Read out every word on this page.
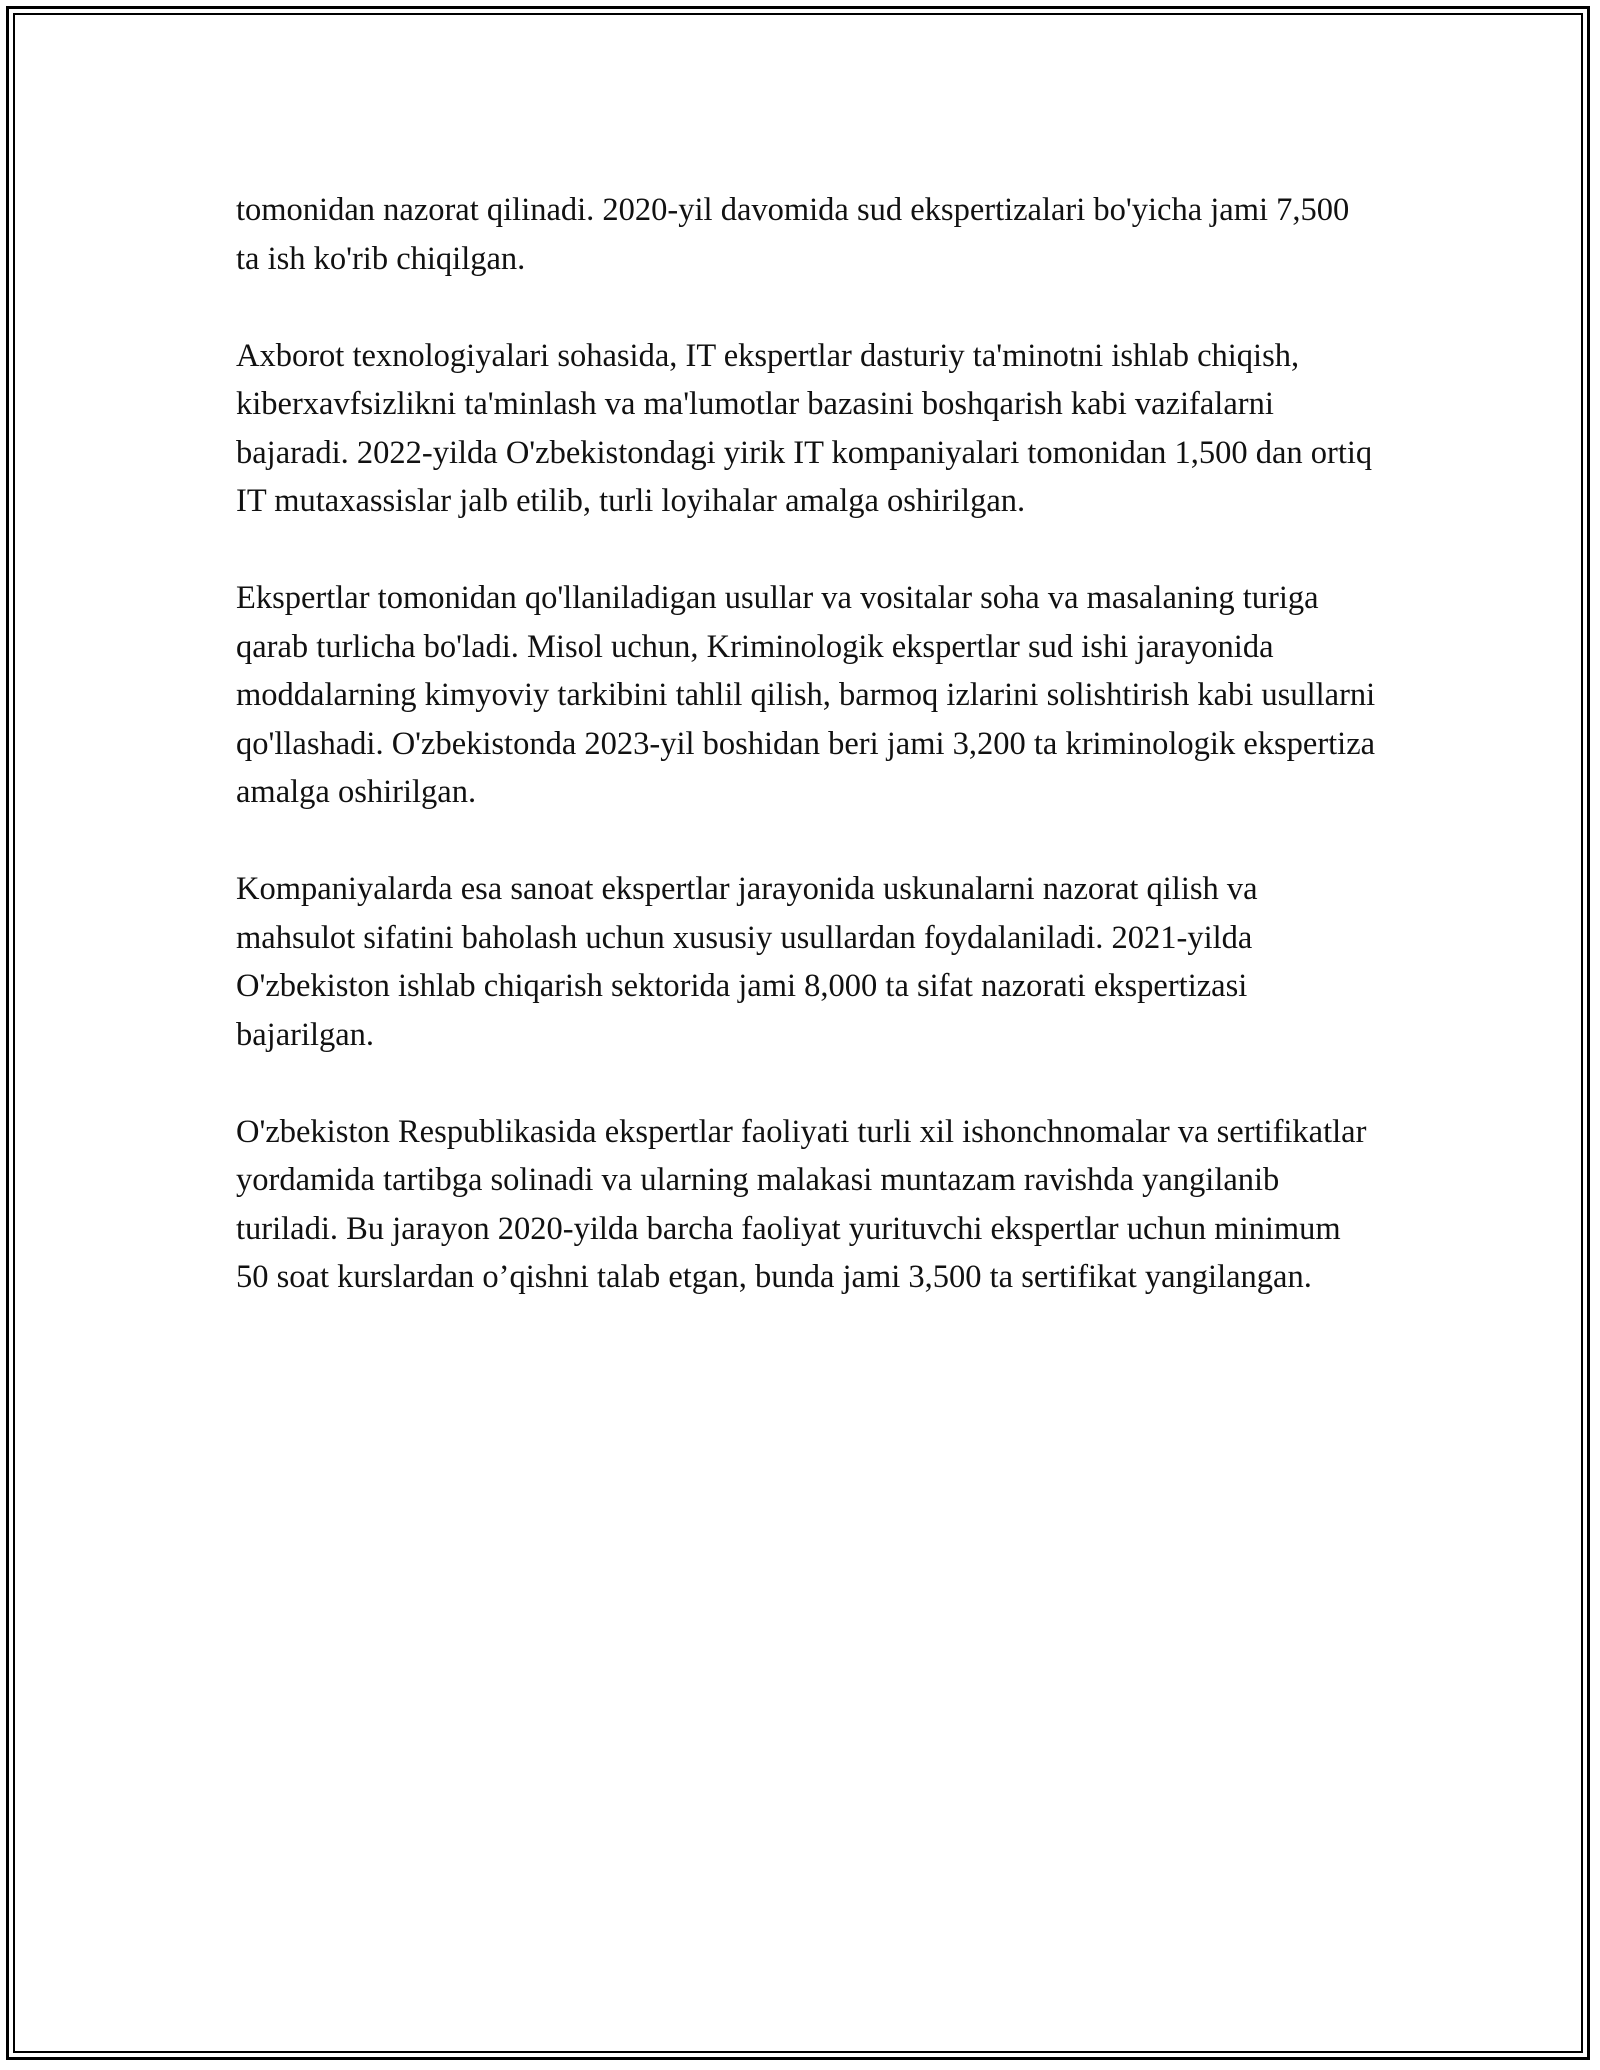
tomonidan nazorat qilinadi. 2020-yil davomida sud ekspertizalari bo'yicha jami 7,500 ta ish ko'rib chiqilgan.

Axborot texnologiyalari sohasida, IT ekspertlar dasturiy ta'minotni ishlab chiqish, kiberxavfsizlikni ta'minlash va ma'lumotlar bazasini boshqarish kabi vazifalarni bajaradi. 2022-yilda O'zbekistondagi yirik IT kompaniyalari tomonidan 1,500 dan ortiq IT mutaxassislar jalb etilib, turli loyihalar amalga oshirilgan.

Ekspertlar tomonidan qo'llaniladigan usullar va vositalar soha va masalaning turiga qarab turlicha bo'ladi. Misol uchun, Kriminologik ekspertlar sud ishi jarayonida moddalarning kimyoviy tarkibini tahlil qilish, barmoq izlarini solishtirish kabi usullarni qo'llashadi. O'zbekistonda 2023-yil boshidan beri jami 3,200 ta kriminologik ekspertiza amalga oshirilgan.

Kompaniyalarda esa sanoat ekspertlar jarayonida uskunalarni nazorat qilish va mahsulot sifatini baholash uchun xususiy usullardan foydalaniladi. 2021-yilda O'zbekiston ishlab chiqarish sektorida jami 8,000 ta sifat nazorati ekspertizasi bajarilgan.

O'zbekiston Respublikasida ekspertlar faoliyati turli xil ishonchnomalar va sertifikatlar yordamida tartibga solinadi va ularning malakasi muntazam ravishda yangilanib turiladi. Bu jarayon 2020-yilda barcha faoliyat yurituvchi ekspertlar uchun minimum 50 soat kurslardan o’qishni talab etgan, bunda jami 3,500 ta sertifikat yangilangan.
